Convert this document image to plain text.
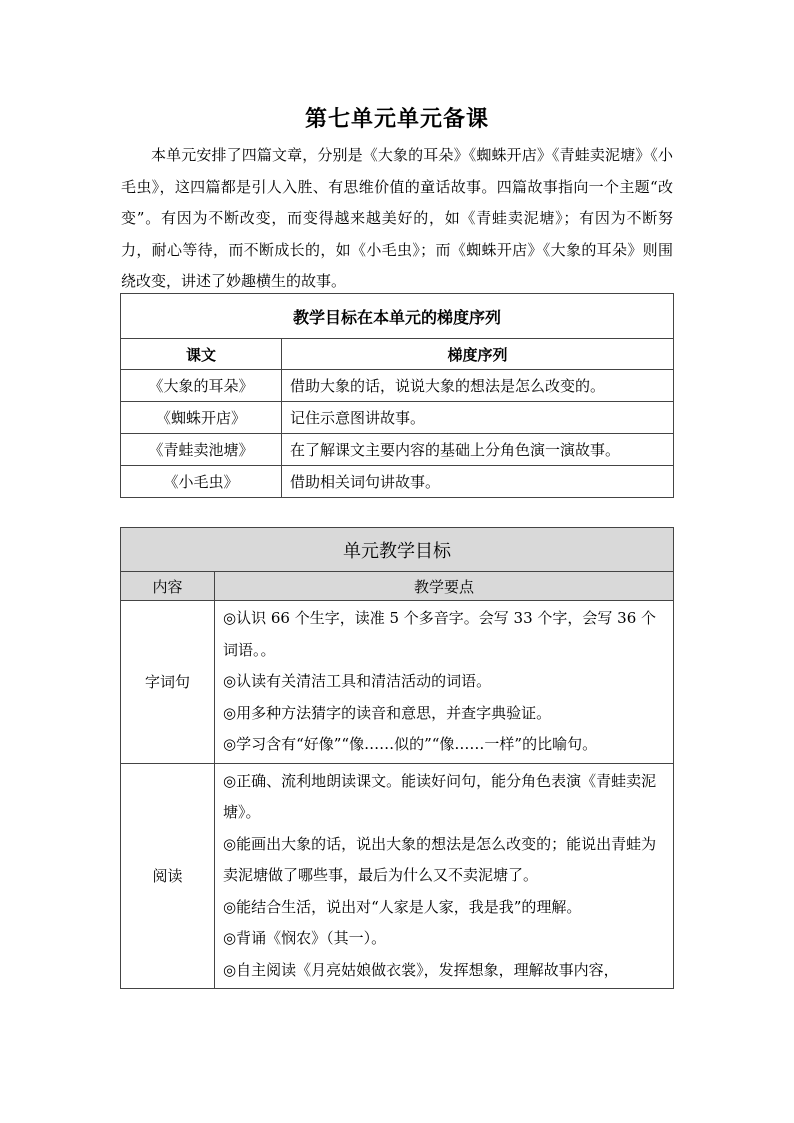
第七单元单元备课
本单元安排了四篇文章，分别是《大象的耳朵》《蜘蛛开店》《青蛙卖泥塘》《小毛虫》，这四篇都是引人入胜、有思维价值的童话故事。四篇故事指向一个主题“改变”。有因为不断改变，而变得越来越美好的，如《青蛙卖泥塘》；有因为不断努力，耐心等待，而不断成长的，如《小毛虫》；而《蜘蛛开店》《大象的耳朵》则围绕改变，讲述了妙趣横生的故事。
教学目标在本单元的梯度序列	
课文	梯度序列
《大象的耳朵》	借助大象的话，说说大象的想法是怎么改变的。
《蜘蛛开店》	记住示意图讲故事。
《青蛙卖池塘》	在了解课文主要内容的基础上分角色演一演故事。
《小毛虫》	借助相关词句讲故事。
单元教学目标	
内容	教学要点
字词句	◎认识 66 个生字，读准 5 个多音字。会写 33 个字，会写 36 个词语。。

◎认读有关清洁工具和清洁活动的词语。

◎用多种方法猜字的读音和意思，并查字典验证。

◎学习含有“好像”“像……似的”“像……一样”的比喻句。

阅读	◎正确、流利地朗读课文。能读好问句，能分角色表演《青蛙卖泥塘》。

◎能画出大象的话，说出大象的想法是怎么改变的；能说出青蛙为卖泥塘做了哪些事，最后为什么又不卖泥塘了。

◎能结合生活，说出对“人家是人家，我是我”的理解。

◎背诵《悯农》（其一）。

◎自主阅读《月亮姑娘做衣裳》，发挥想象，理解故事内容，
